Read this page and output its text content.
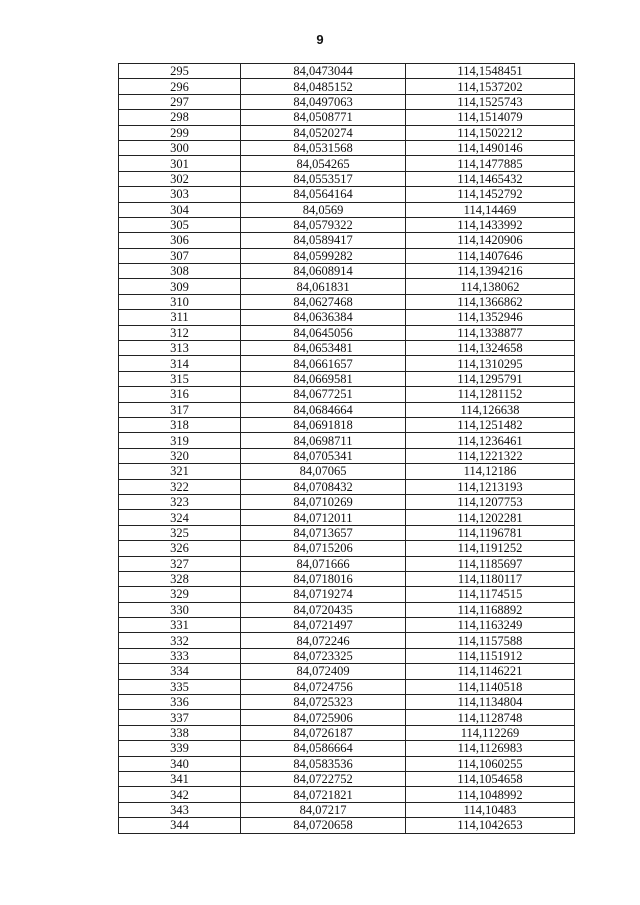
9
295	84,0473044	114,1548451
296	84,0485152	114,1537202
297	84,0497063	114,1525743
298	84,0508771	114,1514079
299	84,0520274	114,1502212
300	84,0531568	114,1490146
301	84,054265	114,1477885
302	84,0553517	114,1465432
303	84,0564164	114,1452792
304	84,0569	114,14469
305	84,0579322	114,1433992
306	84,0589417	114,1420906
307	84,0599282	114,1407646
308	84,0608914	114,1394216
309	84,061831	114,138062
310	84,0627468	114,1366862
311	84,0636384	114,1352946
312	84,0645056	114,1338877
313	84,0653481	114,1324658
314	84,0661657	114,1310295
315	84,0669581	114,1295791
316	84,0677251	114,1281152
317	84,0684664	114,126638
318	84,0691818	114,1251482
319	84,0698711	114,1236461
320	84,0705341	114,1221322
321	84,07065	114,12186
322	84,0708432	114,1213193
323	84,0710269	114,1207753
324	84,0712011	114,1202281
325	84,0713657	114,1196781
326	84,0715206	114,1191252
327	84,071666	114,1185697
328	84,0718016	114,1180117
329	84,0719274	114,1174515
330	84,0720435	114,1168892
331	84,0721497	114,1163249
332	84,072246	114,1157588
333	84,0723325	114,1151912
334	84,072409	114,1146221
335	84,0724756	114,1140518
336	84,0725323	114,1134804
337	84,0725906	114,1128748
338	84,0726187	114,112269
339	84,0586664	114,1126983
340	84,0583536	114,1060255
341	84,0722752	114,1054658
342	84,0721821	114,1048992
343	84,07217	114,10483
344	84,0720658	114,1042653
